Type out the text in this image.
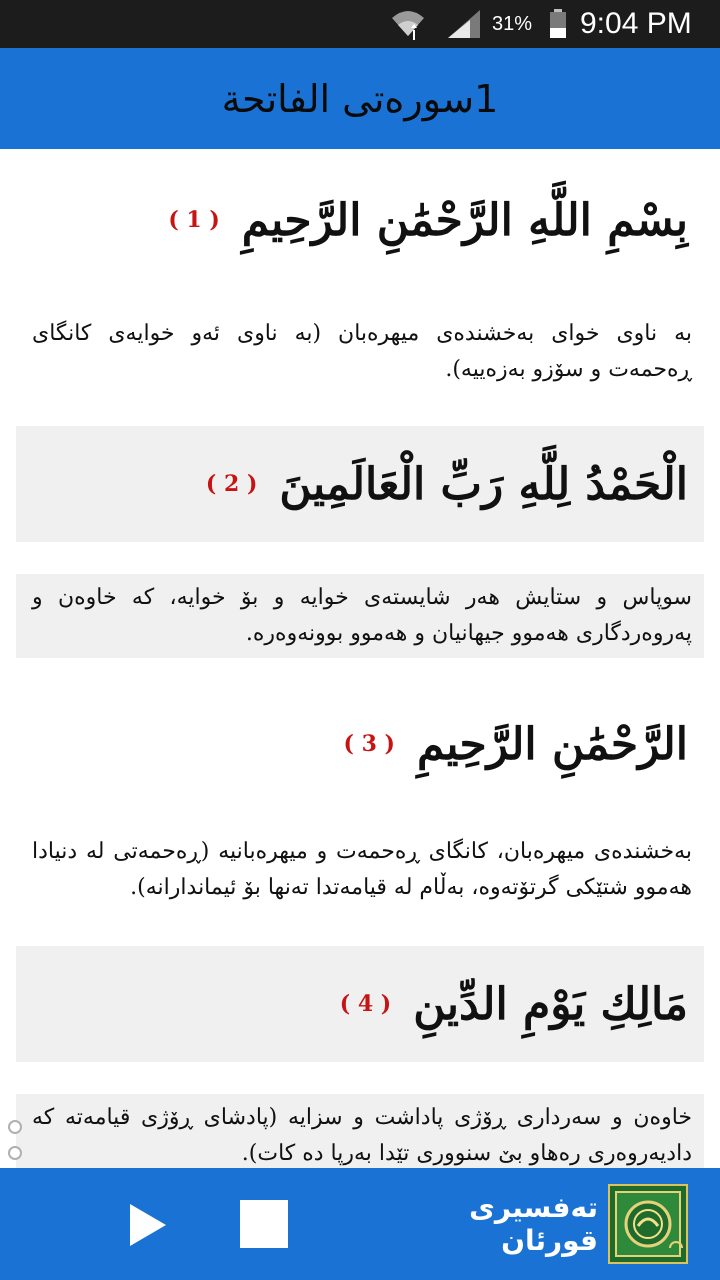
31% 9:04 PM
1سورەتی الفاتحة
بِسْمِ اللَّهِ الرَّحْمَٰنِ الرَّحِيمِ
( 1 )
بە ناوی خوای بەخشندەی میهرەبان (بە ناوی ئەو خوایەی کانگای ڕەحمەت و سۆزو بەزەییە).
الْحَمْدُ لِلَّهِ رَبِّ الْعَالَمِينَ
( 2 )
سوپاس و ستایش هەر شایستەی خوایە و بۆ خوایە، کە خاوەن و پەروەردگاری هەموو جیهانیان و هەموو بوونەوەرە.
الرَّحْمَٰنِ الرَّحِيمِ
( 3 )
بەخشندەی میهرەبان، کانگای ڕەحمەت و میهرەبانیە (ڕەحمەتی لە دنیادا هەموو شتێکی گرتۆتەوە، بەڵام لە قیامەتدا تەنها بۆ ئیماندارانە).
مَالِكِ يَوْمِ الدِّينِ
( 4 )
خاوەن و سەرداری ڕۆژی پاداشت و سزایە (پادشای ڕۆژی قیامەتە کە دادیەروەری رەهاو بێ سنووری تێدا بەرپا دە کات).
تەفسیری قورئان
